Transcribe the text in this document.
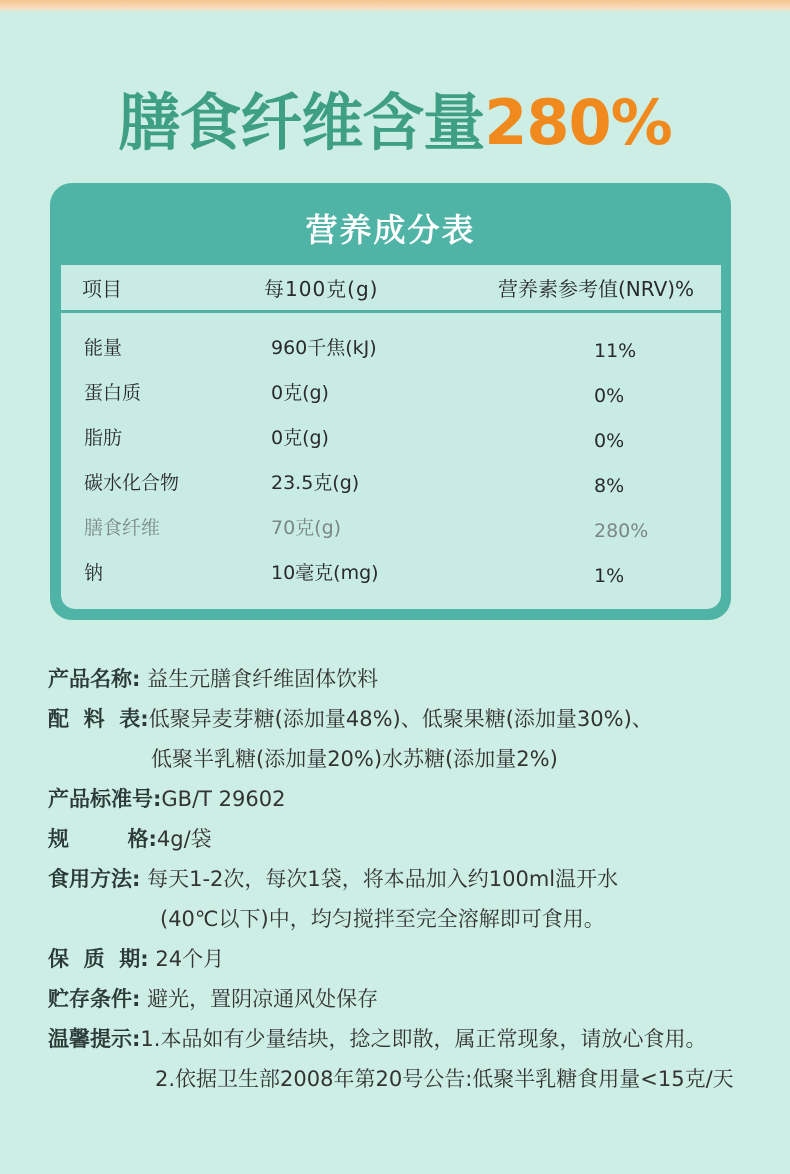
膳食纤维含量280%
营养成分表
项目	每100克(g)	营养素参考值(NRV)%
能量	960千焦(kJ)	11%
蛋白质	0克(g)	0%
脂肪	0克(g)	0%
碳水化合物	23.5克(g)	8%
膳食纤维	70克(g)	280%
钠	10毫克(mg)	1%
产品名称: 益生元膳食纤维固体饮料
配  料  表:低聚异麦芽糖(添加量48%)、低聚果糖(添加量30%)、
低聚半乳糖(添加量20%)水苏糖(添加量2%)
产品标准号:GB/T 29602
规        格:4g/袋
食用方法: 每天1-2次，每次1袋，将本品加入约100ml温开水
(40℃以下)中，均匀搅拌至完全溶解即可食用。
保  质  期: 24个月
贮存条件: 避光，置阴凉通风处保存
温馨提示:1.本品如有少量结块，捻之即散，属正常现象，请放心食用。
2.依据卫生部2008年第20号公告:低聚半乳糖食用量<15克/天
